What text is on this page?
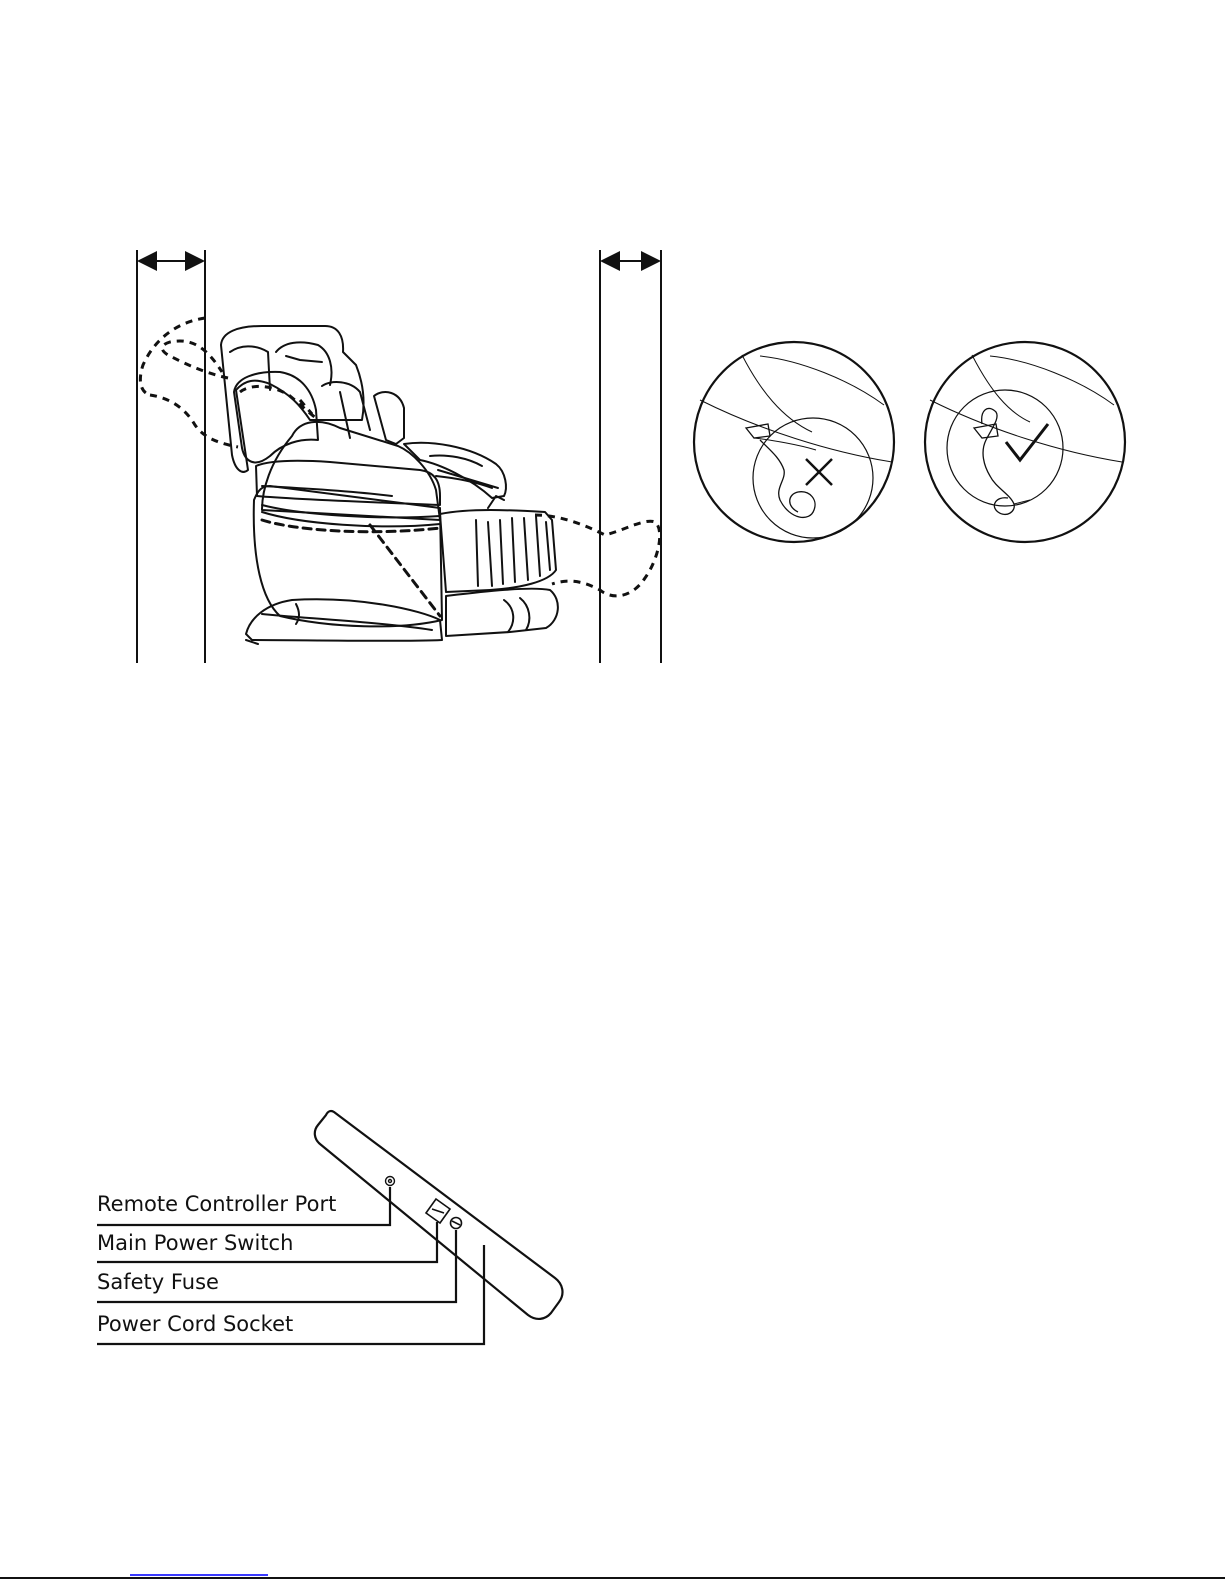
Remote Controller Port
Main Power Switch
Safety Fuse
Power Cord Socket
